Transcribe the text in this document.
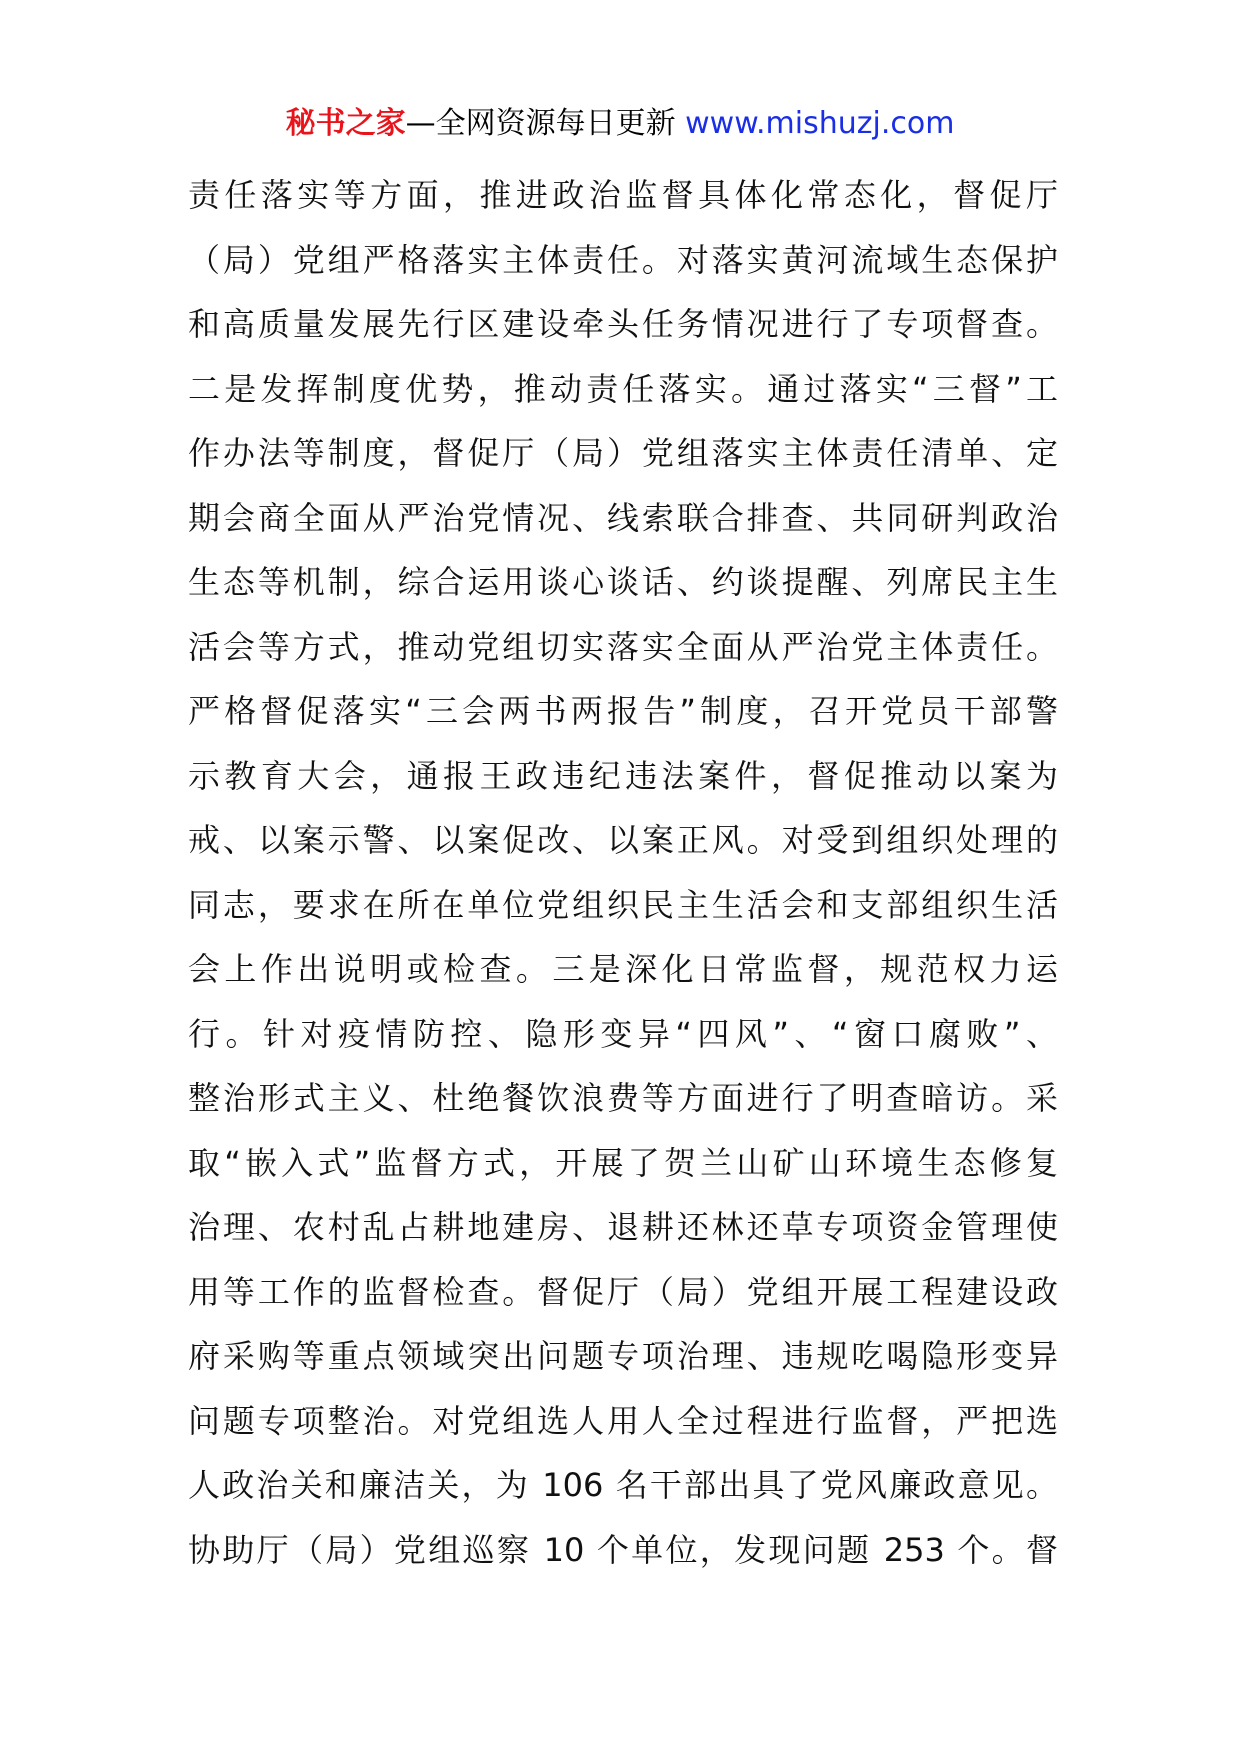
秘书之家—全网资源每日更新 www.mishuzj.com
责任落实等方面，推进政治监督具体化常态化，督促厅
（局）党组严格落实主体责任。对落实黄河流域生态保护
和高质量发展先行区建设牵头任务情况进行了专项督查。
二是发挥制度优势，推动责任落实。通过落实“三督”工
作办法等制度，督促厅（局）党组落实主体责任清单、定
期会商全面从严治党情况、线索联合排查、共同研判政治
生态等机制，综合运用谈心谈话、约谈提醒、列席民主生
活会等方式，推动党组切实落实全面从严治党主体责任。
严格督促落实“三会两书两报告”制度，召开党员干部警
示教育大会，通报王政违纪违法案件，督促推动以案为
戒、以案示警、以案促改、以案正风。对受到组织处理的
同志，要求在所在单位党组织民主生活会和支部组织生活
会上作出说明或检查。三是深化日常监督，规范权力运
行。针对疫情防控、隐形变异“四风”、“窗口腐败”、
整治形式主义、杜绝餐饮浪费等方面进行了明查暗访。采
取“嵌入式”监督方式，开展了贺兰山矿山环境生态修复
治理、农村乱占耕地建房、退耕还林还草专项资金管理使
用等工作的监督检查。督促厅（局）党组开展工程建设政
府采购等重点领域突出问题专项治理、违规吃喝隐形变异
问题专项整治。对党组选人用人全过程进行监督，严把选
人政治关和廉洁关，为 106 名干部出具了党风廉政意见。
协助厅（局）党组巡察 10 个单位，发现问题 253 个。督
